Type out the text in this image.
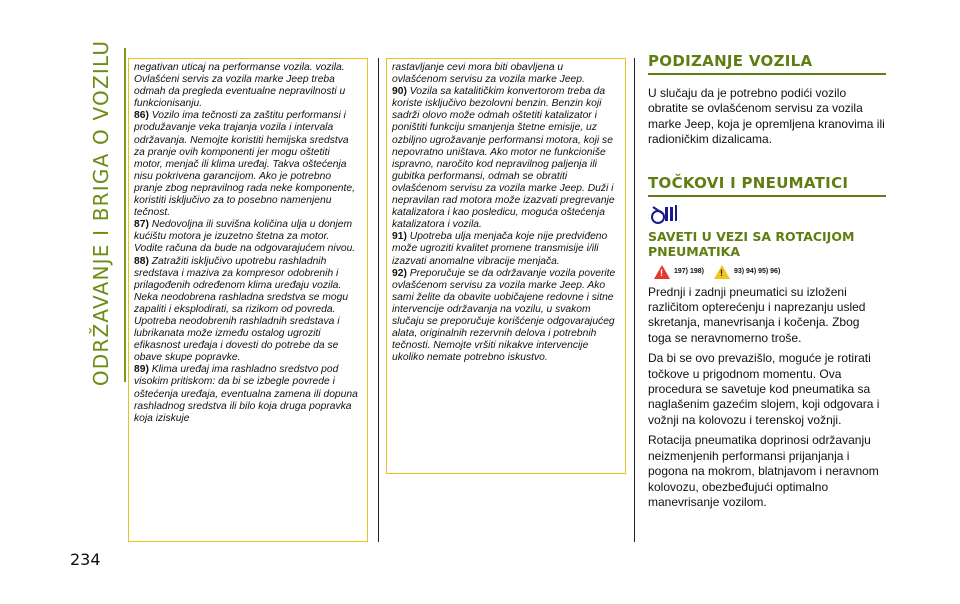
ODRŽAVANJE I BRIGA O VOZILU
234

negativan uticaj na performanse vozila. vozila. Ovlašćeni servis za vozila marke Jeep treba odmah da pregleda eventualne nepravilnosti u funkcionisanju.

86) Vozilo ima tečnosti za zaštitu performansi i produžavanje veka trajanja vozila i intervala održavanja. Nemojte koristiti hemijska sredstva za pranje ovih komponenti jer mogu oštetiti motor, menjač ili klima uređaj. Takva oštećenja nisu pokrivena garancijom. Ako je potrebno pranje zbog nepravilnog rada neke komponente, koristiti isključivo za to posebno namenjenu tečnost.

87) Nedovoljna ili suvišna količina ulja u donjem kućištu motora je izuzetno štetna za motor. Vodite računa da bude na odgovarajućem nivou.

88) Zatražiti isključivo upotrebu rashladnih sredstava i maziva za kompresor odobrenih i prilagođenih određenom klima uređaju vozila. Neka neodobrena rashladna sredstva se mogu zapaliti i eksplodirati, sa rizikom od povreda. Upotreba neodobrenih rashladnih sredstava i lubrikanata može između ostalog ugroziti efikasnost uređaja i dovesti do potrebe da se obave skupe popravke.

89) Klima uređaj ima rashladno sredstvo pod visokim pritiskom: da bi se izbegle povrede i oštećenja uređaja, eventualna zamena ili dopuna rashladnog sredstva ili bilo koja druga popravka koja iziskuje

rastavljanje cevi mora biti obavljena u ovlašćenom servisu za vozila marke Jeep.

90) Vozila sa katalitičkim konvertorom treba da koriste isključivo bezolovni benzin. Benzin koji sadrži olovo može odmah oštetiti katalizator i poništiti funkciju smanjenja štetne emisije, uz ozbiljno ugrožavanje performansi motora, koji se nepovratno uništava. Ako motor ne funkcioniše ispravno, naročito kod nepravilnog paljenja ili gubitka performansi, odmah se obratiti ovlašćenom servisu za vozila marke Jeep. Duži i nepravilan rad motora može izazvati pregrevanje katalizatora i kao posledicu, moguća oštećenja katalizatora i vozila.

91) Upotreba ulja menjača koje nije predviđeno može ugroziti kvalitet promene transmisije i/ili izazvati anomalne vibracije menjača.

92) Preporučuje se da održavanje vozila poverite ovlašćenom servisu za vozila marke Jeep. Ako sami želite da obavite uobičajene redovne i sitne intervencije održavanja na vozilu, u svakom slučaju se preporučuje korišćenje odgovarajućeg alata, originalnih rezervnih delova i potrebnih tečnosti. Nemojte vršiti nikakve intervencije ukoliko nemate potrebno iskustvo.

PODIZANJE VOZILA

U slučaju da je potrebno podići vozilo obratite se ovlašćenom servisu za vozila marke Jeep, koja je opremljena kranovima ili radioničkim dizalicama.

TOČKOVI I PNEUMATICI
SAVETI U VEZI SA ROTACIJOM PNEUMATIKA
! 197) 198) ! 93) 94) 95) 96)

Prednji i zadnji pneumatici su izloženi različitom opterećenju i naprezanju usled skretanja, manevrisanja i kočenja. Zbog toga se neravnomerno troše.

Da bi se ovo prevazišlo, moguće je rotirati točkove u prigodnom momentu. Ova procedura se savetuje kod pneumatika sa naglašenim gazećim slojem, koji odgovara i vožnji na kolovozu i terenskoj vožnji.

Rotacija pneumatika doprinosi održavanju neizmenjenih performansi prijanjanja i pogona na mokrom, blatnjavom i neravnom kolovozu, obezbeđujući optimalno manevrisanje vozilom.
